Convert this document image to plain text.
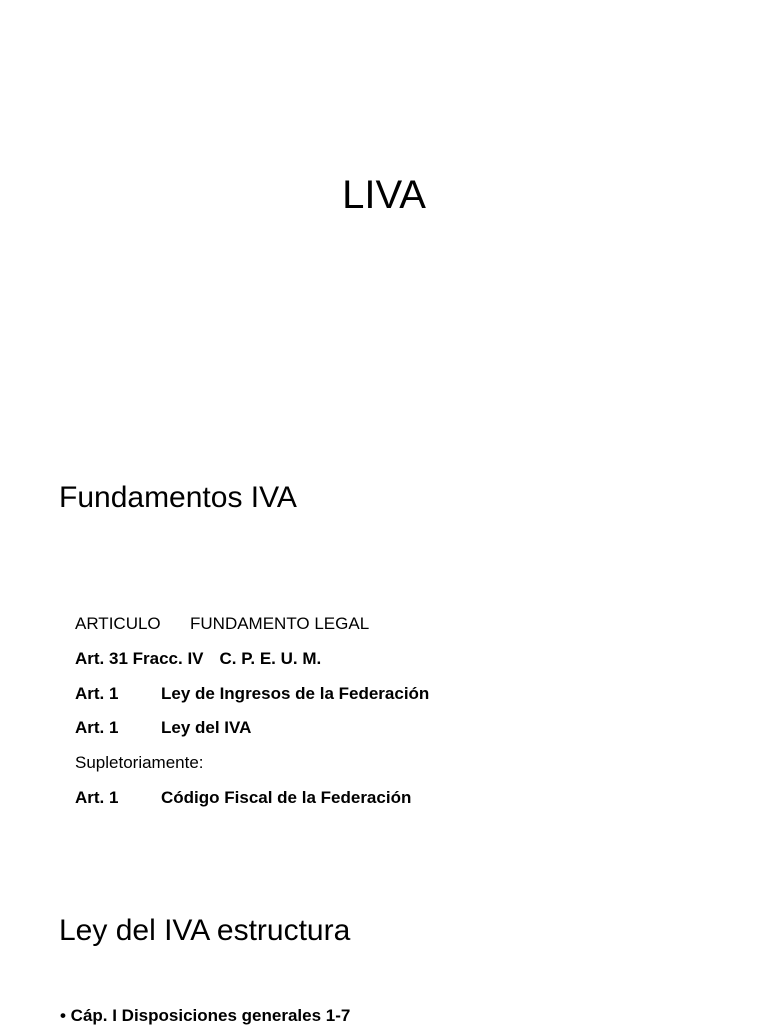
LIVA
Fundamentos IVA
ARTICULO	FUNDAMENTO LEGAL
Art. 31 Fracc. IV C. P. E. U. M.
Art. 1	Ley de Ingresos de la Federación
Art. 1	Ley del IVA
Supletoriamente:
Art. 1	Código Fiscal de la Federación
Ley del IVA estructura
• Cáp. I Disposiciones generales 1-7
